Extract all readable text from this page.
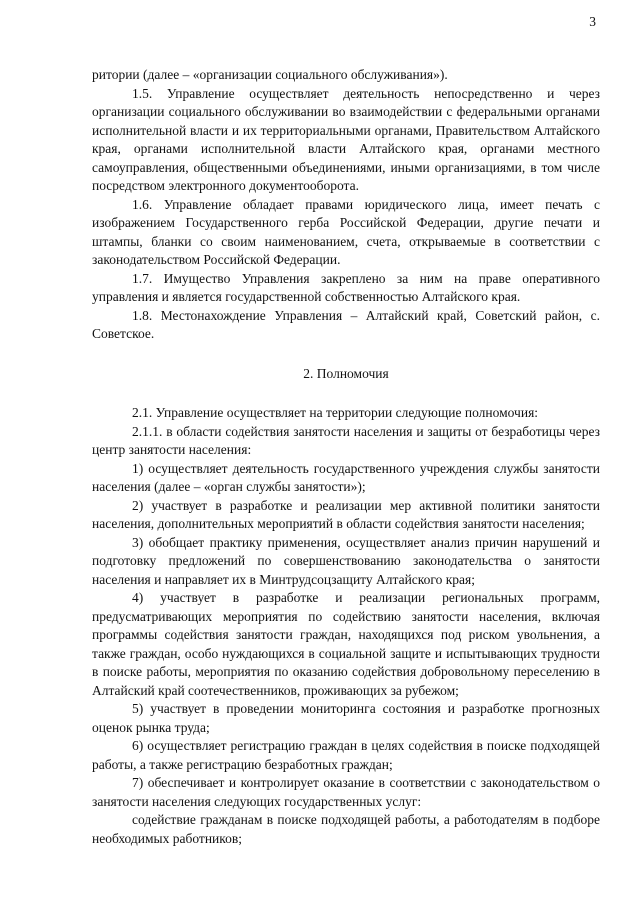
3

ритории (далее – «организации социального обслуживания»).

1.5. Управление осуществляет деятельность непосредственно и через организации социального обслуживании во взаимодействии с федеральными органами исполнительной власти и их территориальными органами, Правительством Алтайского края, органами исполнительной власти Алтайского края, органами местного самоуправления, общественными объединениями, иными организациями, в том числе посредством электронного документооборота.

1.6. Управление обладает правами юридического лица, имеет печать с изображением Государственного герба Российской Федерации, другие печати и штампы, бланки со своим наименованием, счета, открываемые в соответствии с законодательством Российской Федерации.

1.7. Имущество Управления закреплено за ним на праве оперативного управления и является государственной собственностью Алтайского края.

1.8. Местонахождение Управления – Алтайский край, Советский район, с. Советское.

2. Полномочия

2.1. Управление осуществляет на территории следующие полномочия:

2.1.1. в области содействия занятости населения и защиты от безработицы через центр занятости населения:

1) осуществляет деятельность государственного учреждения службы занятости населения (далее – «орган службы занятости»);

2) участвует в разработке и реализации мер активной политики занятости населения, дополнительных мероприятий в области содействия занятости населения;

3) обобщает практику применения, осуществляет анализ причин нарушений и подготовку предложений по совершенствованию законодательства о занятости населения и направляет их в Минтрудсоцзащиту Алтайского края;

4) участвует в разработке и реализации региональных программ, предусматривающих мероприятия по содействию занятости населения, включая программы содействия занятости граждан, находящихся под риском увольнения, а также граждан, особо нуждающихся в социальной защите и испытывающих трудности в поиске работы, мероприятия по оказанию содействия добровольному переселению в Алтайский край соотечественников, проживающих за рубежом;

5) участвует в проведении мониторинга состояния и разработке прогнозных оценок рынка труда;

6) осуществляет регистрацию граждан в целях содействия в поиске подходящей работы, а также регистрацию безработных граждан;

7) обеспечивает и контролирует оказание в соответствии с законодательством о занятости населения следующих государственных услуг:

содействие гражданам в поиске подходящей работы, а работодателям в подборе необходимых работников;
